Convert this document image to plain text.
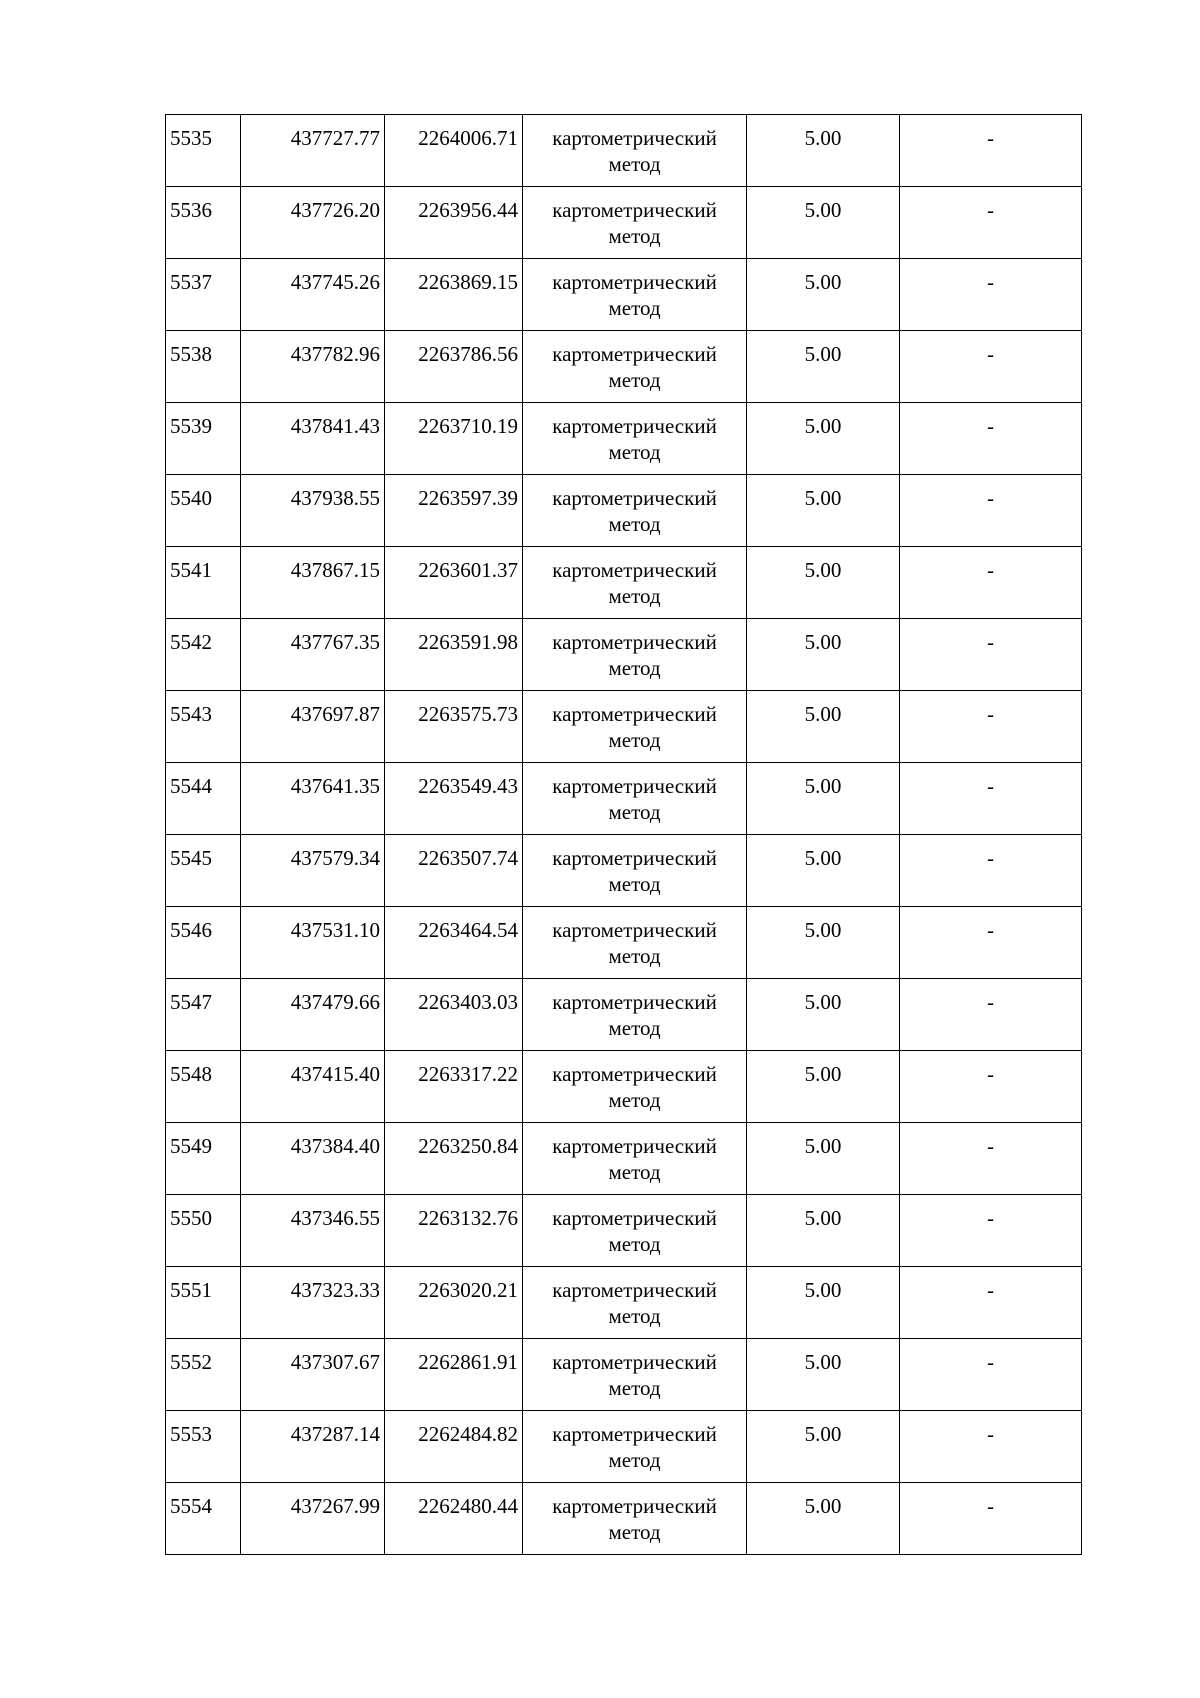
5535	437727.77	2264006.71	картометрический метод	5.00	-
5536	437726.20	2263956.44	картометрический метод	5.00	-
5537	437745.26	2263869.15	картометрический метод	5.00	-
5538	437782.96	2263786.56	картометрический метод	5.00	-
5539	437841.43	2263710.19	картометрический метод	5.00	-
5540	437938.55	2263597.39	картометрический метод	5.00	-
5541	437867.15	2263601.37	картометрический метод	5.00	-
5542	437767.35	2263591.98	картометрический метод	5.00	-
5543	437697.87	2263575.73	картометрический метод	5.00	-
5544	437641.35	2263549.43	картометрический метод	5.00	-
5545	437579.34	2263507.74	картометрический метод	5.00	-
5546	437531.10	2263464.54	картометрический метод	5.00	-
5547	437479.66	2263403.03	картометрический метод	5.00	-
5548	437415.40	2263317.22	картометрический метод	5.00	-
5549	437384.40	2263250.84	картометрический метод	5.00	-
5550	437346.55	2263132.76	картометрический метод	5.00	-
5551	437323.33	2263020.21	картометрический метод	5.00	-
5552	437307.67	2262861.91	картометрический метод	5.00	-
5553	437287.14	2262484.82	картометрический метод	5.00	-
5554	437267.99	2262480.44	картометрический метод	5.00	-
